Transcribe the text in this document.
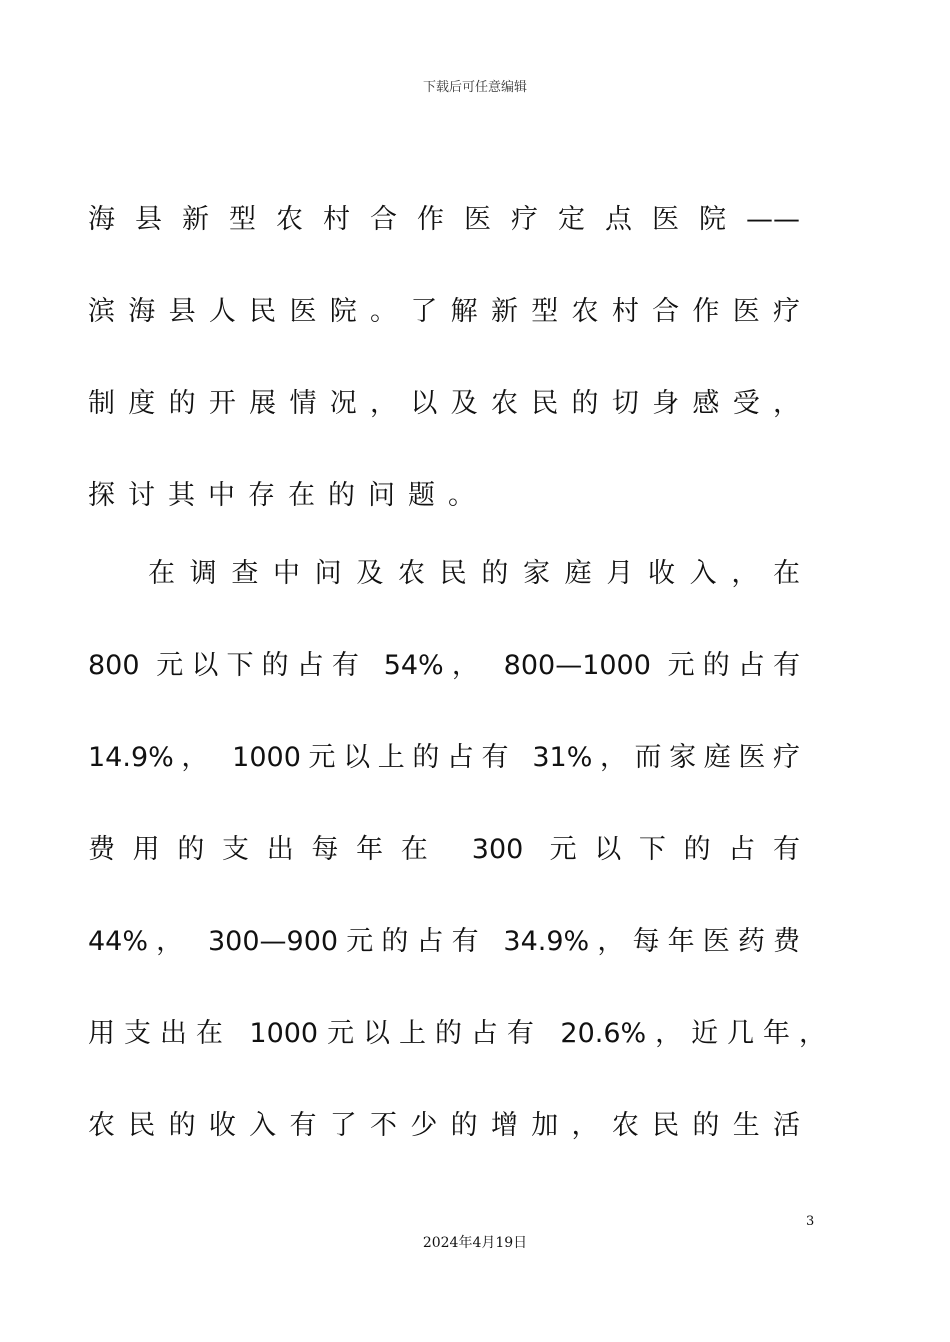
下载后可任意编辑
海县新型农村合作医疗定点医院——
滨海县人民医院。了解新型农村合作医疗
制度的开展情况，以及农民的切身感受，
探讨其中存在的问题。
在调查中问及农民的家庭月收入，在
800 元以下的占有 54%， 800—1000 元的占有
14.9%， 1000元以上的占有 31%，而家庭医疗
费用的支出每年在 300 元以下的占有
44%， 300—900元的占有 34.9%，每年医药费
用支出在 1000元以上的占有 20.6%，近几年，
农民的收入有了不少的增加，农民的生活
3
2024年4月19日
